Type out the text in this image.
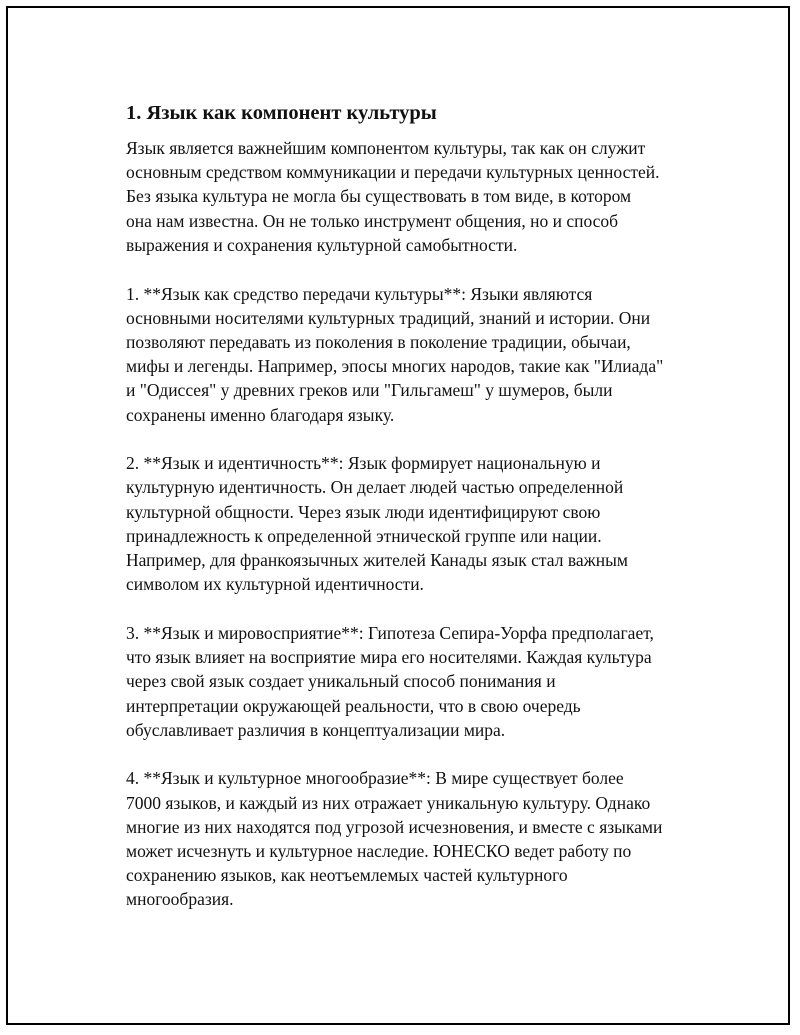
1. Язык как компонент культуры

Язык является важнейшим компонентом культуры, так как он служит
основным средством коммуникации и передачи культурных ценностей.
Без языка культура не могла бы существовать в том виде, в котором
она нам известна. Он не только инструмент общения, но и способ
выражения и сохранения культурной самобытности.

1. **Язык как средство передачи культуры**: Языки являются
основными носителями культурных традиций, знаний и истории. Они
позволяют передавать из поколения в поколение традиции, обычаи,
мифы и легенды. Например, эпосы многих народов, такие как "Илиада"
и "Одиссея" у древних греков или "Гильгамеш" у шумеров, были
сохранены именно благодаря языку.

2. **Язык и идентичность**: Язык формирует национальную и
культурную идентичность. Он делает людей частью определенной
культурной общности. Через язык люди идентифицируют свою
принадлежность к определенной этнической группе или нации.
Например, для франкоязычных жителей Канады язык стал важным
символом их культурной идентичности.

3. **Язык и мировосприятие**: Гипотеза Сепира-Уорфа предполагает,
что язык влияет на восприятие мира его носителями. Каждая культура
через свой язык создает уникальный способ понимания и
интерпретации окружающей реальности, что в свою очередь
обуславливает различия в концептуализации мира.

4. **Язык и культурное многообразие**: В мире существует более
7000 языков, и каждый из них отражает уникальную культуру. Однако
многие из них находятся под угрозой исчезновения, и вместе с языками
может исчезнуть и культурное наследие. ЮНЕСКО ведет работу по
сохранению языков, как неотъемлемых частей культурного
многообразия.
